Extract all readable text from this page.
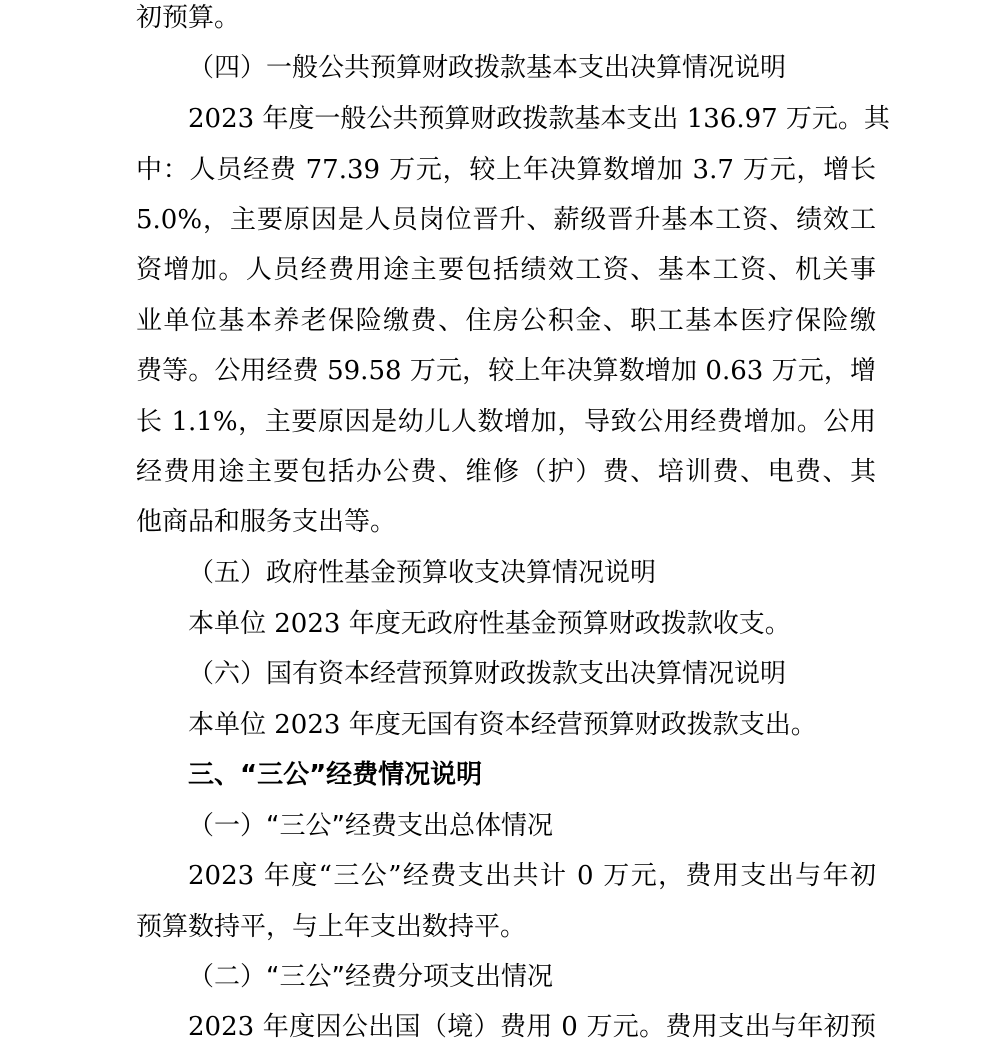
初预算。
（四）一般公共预算财政拨款基本支出决算情况说明
2023 年度一般公共预算财政拨款基本支出 136.97 万元。其
中：人员经费 77.39 万元，较上年决算数增加 3.7 万元，增长
5.0%，主要原因是人员岗位晋升、薪级晋升基本工资、绩效工
资增加。人员经费用途主要包括绩效工资、基本工资、机关事
业单位基本养老保险缴费、住房公积金、职工基本医疗保险缴
费等。公用经费 59.58 万元，较上年决算数增加 0.63 万元，增
长 1.1%，主要原因是幼儿人数增加，导致公用经费增加。公用
经费用途主要包括办公费、维修（护）费、培训费、电费、其
他商品和服务支出等。
（五）政府性基金预算收支决算情况说明
本单位 2023 年度无政府性基金预算财政拨款收支。
（六）国有资本经营预算财政拨款支出决算情况说明
本单位 2023 年度无国有资本经营预算财政拨款支出。
三、“三公”经费情况说明
（一）“三公”经费支出总体情况
2023 年度“三公”经费支出共计 0 万元，费用支出与年初
预算数持平，与上年支出数持平。
（二）“三公”经费分项支出情况
2023 年度因公出国（境）费用 0 万元。费用支出与年初预
